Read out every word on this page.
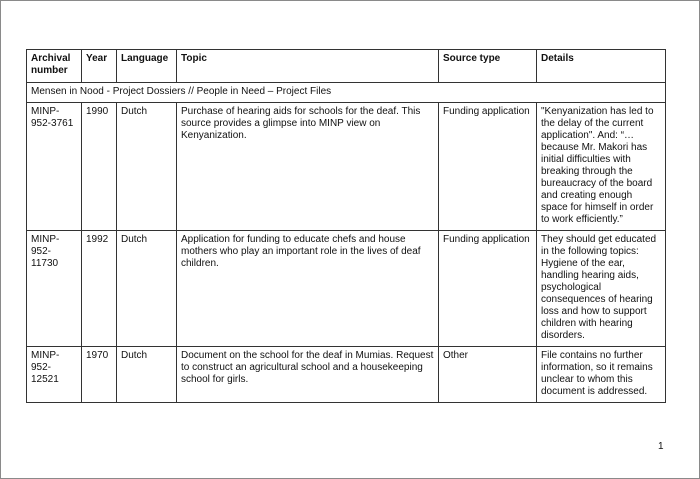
Archival number	Year	Language	Topic	Source type	Details
Mensen in Nood - Project Dossiers // People in Need – Project Files					
MINP-952-3761	1990	Dutch	Purchase of hearing aids for schools for the deaf. This source provides a glimpse into MINP view on Kenyanization.	Funding application	"Kenyanization has led to the delay of the current application". And: “… because Mr. Makori has initial difficulties with breaking through the bureaucracy of the board and creating enough space for himself in order to work efficiently.”
MINP-952-11730	1992	Dutch	Application for funding to educate chefs and house mothers who play an important role in the lives of deaf children.	Funding application	They should get educated in the following topics: Hygiene of the ear, handling hearing aids, psychological consequences of hearing loss and how to support children with hearing disorders.
MINP-952-12521	1970	Dutch	Document on the school for the deaf in Mumias. Request to construct an agricultural school and a housekeeping school for girls.	Other	File contains no further information, so it remains unclear to whom this document is addressed.
1
